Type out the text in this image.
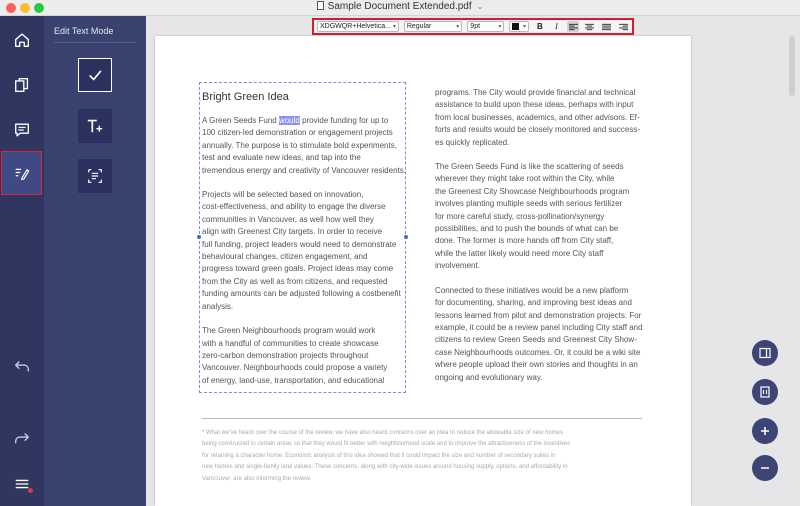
Sample Document Extended.pdf ⌄
Edit Text Mode	XDGWQR+Helvetica... ▾ Regular	▾ 9pt	▾	▾	B	I
Bright Green Idea

A Green Seeds Fund would provide funding for up to
100 citizen-led demonstration or engagement projects
annually. The purpose is to stimulate bold experiments,
test and evaluate new ideas, and tap into the
tremendous energy and creativity of Vancouver residents.

Projects will be selected based on innovation,
cost-effectiveness, and ability to engage the diverse
communities in Vancouver, as well how well they
align with Greenest City targets. In order to receive
full funding, project leaders would need to demonstrate
behavioural changes, citizen engagement, and
progress toward green goals. Project ideas may come
from the City as well as from citizens, and requested
funding amounts can be adjusted following a costbenefit
analysis.

The Green Neighbourhoods program would work
with a handful of communities to create showcase
zero-carbon demonstration projects throughout
Vancouver. Neighbourhoods could propose a variety
of energy, land-use, transportation, and educational

programs. The City would provide financial and technical
assistance to build upon these ideas, perhaps with input
from local businesses, academics, and other advisors. Ef-
forts and results would be closely monitored and success-
es quickly replicated.

The Green Seeds Fund is like the scattering of seeds
wherever they might take root within the City, while
the Greenest City Showcase Neighbourhoods program
involves planting multiple seeds with serious fertilizer
for more careful study, cross-pollination/synergy
possibilities, and to push the bounds of what can be
done. The former is more hands off from City staff,
while the latter likely would need more City staff
involvement.

Connected to these initiatives would be a new platform
for documenting, sharing, and improving best ideas and
lessons learned from pilot and demonstration projects. For
example, it could be a review panel including City staff and
citizens to review Green Seeds and Greenest City Show-
case Neighbourhoods outcomes. Or, it could be a wiki site
where people upload their own stories and thoughts in an
ongoing and evolutionary way.

* What we've heard over the course of the review, we have also heard concerns over an idea to reduce the allowable size of new homes
being constructed in certain areas so that they would fit better with neighbourhood scale and to improve the attractiveness of the incentives
for retaining a character home. Economic analysis of this idea showed that it could impact the size and number of secondary suites in
new homes and single-family land values. These concerns, along with city-wide issues around housing supply, options, and affordability in
Vancouver, are also informing the review.
